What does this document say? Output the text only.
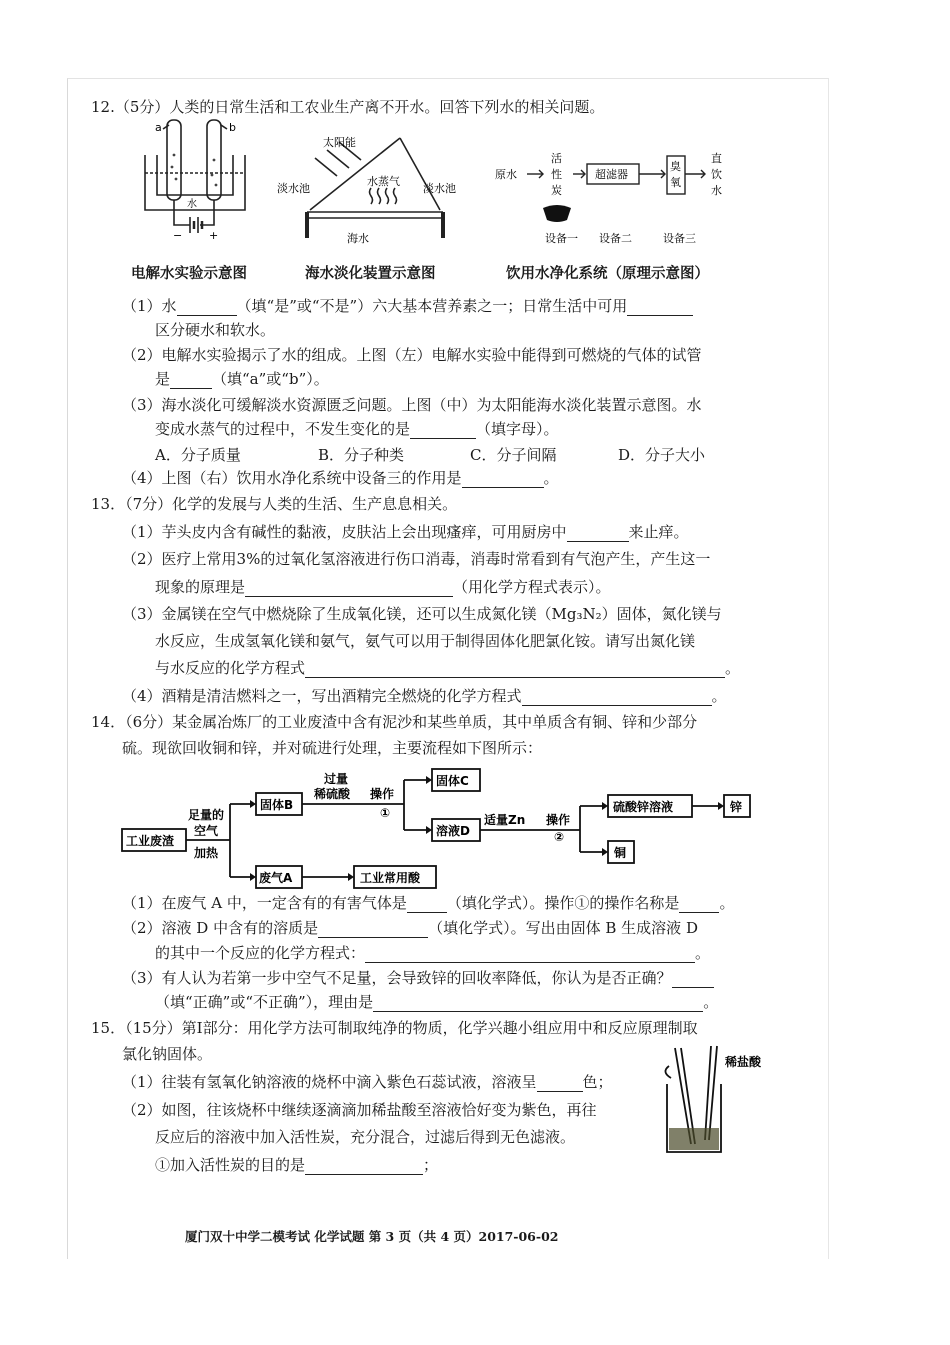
12.（5分）人类的日常生活和工农业生产离不开水。回答下列水的相关问题。
a	b
水
− +
太阳能
水蒸气
淡水池	淡水池
海水
原水
活
性
炭
超滤器
臭
氧
直
饮
水
设备一 设备二	设备三
电解水实验示意图	海水淡化装置示意图	饮用水净化系统（原理示意图）
（1）水	（填“是”或“不是”）六大基本营养素之一；日常生活中可用
区分硬水和软水。
（2）电解水实验揭示了水的组成。上图（左）电解水实验中能得到可燃烧的气体的试管
是	（填“a”或“b”）。
（3）海水淡化可缓解淡水资源匮乏问题。上图（中）为太阳能海水淡化装置示意图。水
变成水蒸气的过程中，不发生变化的是	（填字母）。
A．分子质量	B．分子种类	C．分子间隔	D．分子大小
（4）上图（右）饮用水净化系统中设备三的作用是	。
13．（7分）化学的发展与人类的生活、生产息息相关。
（1）芋头皮内含有碱性的黏液，皮肤沾上会出现瘙痒，可用厨房中	来止痒。
（2）医疗上常用3%的过氧化氢溶液进行伤口消毒，消毒时常看到有气泡产生，产生这一
现象的原理是	（用化学方程式表示）。
（3）金属镁在空气中燃烧除了生成氧化镁，还可以生成氮化镁（Mg₃N₂）固体，氮化镁与
水反应，生成氢氧化镁和氨气，氨气可以用于制得固体化肥氯化铵。请写出氮化镁
与水反应的化学方程式	。
（4）酒精是清洁燃料之一，写出酒精完全燃烧的化学方程式	。
14．（6分）某金属冶炼厂的工业废渣中含有泥沙和某些单质，其中单质含有铜、锌和少部分
硫。现欲回收铜和锌，并对硫进行处理，主要流程如下图所示：
工业废渣
足量的
空气
加热
固体B
过量
稀硫酸 操作
①
固体C
溶液D
适量Zn 操作
②
硫酸锌溶液	锌
铜
废气A	工业常用酸
（1）在废气 A 中，一定含有的有害气体是	（填化学式）。操作①的操作名称是	。
（2）溶液 D 中含有的溶质是	（填化学式）。写出由固体 B 生成溶液 D
的其中一个反应的化学方程式：	。
（3）有人认为若第一步中空气不足量，会导致锌的回收率降低，你认为是否正确？
（填“正确”或“不正确”），理由是	。
15．（15分）第Ⅰ部分：用化学方法可制取纯净的物质，化学兴趣小组应用中和反应原理制取
氯化钠固体。	稀盐酸
（1）往装有氢氧化钠溶液的烧杯中滴入紫色石蕊试液，溶液呈	色；
（2）如图，往该烧杯中继续逐滴滴加稀盐酸至溶液恰好变为紫色，再往
反应后的溶液中加入活性炭，充分混合，过滤后得到无色滤液。
①加入活性炭的目的是	；
厦门双十中学二模考试 化学试题 第 3 页（共 4 页）2017-06-02
